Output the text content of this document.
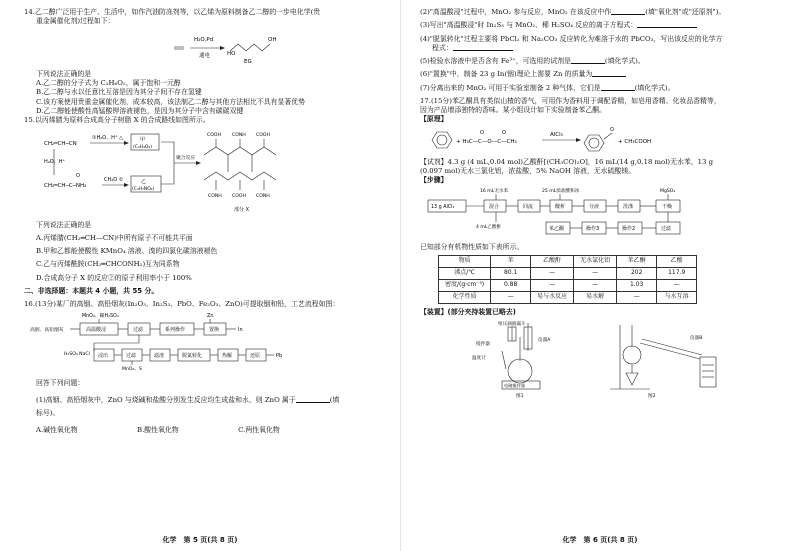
14.乙二醇广泛用于生产、生活中，如作汽油防冻剂等，以乙烯为原料制备乙二醇的一步电化学(贵
重金属催化剂)过程如下：
H₂O,Pd
通电	HO
OH
EG
下列说法正确的是
A.乙二醇的分子式为 C₂H₆O₂，属于饱和一元醇
B.乙二醇与水以任意比互溶是因为其分子间不存在氢键
C.该方案使用贵重金属催化剂，成本较高，该法制乙二醇与其他方法相比不具有显著优势
D.乙二醇能使酸性高锰酸钾溶液褪色，是因为其分子中含有碳碳双键
15.以丙烯腈为原料合成高分子树脂 X 的合成路线如图所示。
CH₂═CH─CN
①H₂O、H⁺ △	甲
(C₃H₄O₂)
H₂O、H⁺
CH₂═CH─C─NH₂
O
CH₂O ①	乙
(C₄H₇NO₂)
聚合反应
COOH CONH COOH
CONH COOH CONH
部分 X
下列说法正确的是
A.丙烯腈(CH₂═CH—CN)中所有原子不可能共平面
B.甲和乙都能使酸性 KMnO₄ 溶液、溴的四氯化碳溶液褪色
C.乙与丙烯酰胺(CH₂═CHCONH₂)互为同系物
D.合成高分子 X 的反应②的原子利用率小于 100%
二、非选择题：本题共 4 小题，共 55 分。
16.(13分)某厂的高铟、高铅烟灰(In₂O₃、In₂S₃、PbO、Fe₂O₃、ZnO)可提取铟和铅，工艺流程如图：
高铟、高铅烟灰
MnO₂、稀H₂SO₄
高温酸浸	过滤	系列操作
Zn
置换	In
H₂SO₄ NaCl 浸出	过滤	滤渣	脱氯转化	热解	还原	Pb
MnO₂、S
回答下列问题：
(1)高铟、高铅烟灰中，ZnO 与烧碱和盐酸分别发生反应均生成盐和水，则 ZnO 属于	(填
标号)。
A.碱性氧化物	B.酸性氧化物	C.两性氧化物
化学　第 5 页(共 8 页)
(2)"高温酸浸"过程中，MnO₂ 参与反应，MnO₂ 在该反应中作	(填"氧化剂"或"还原剂")。
(3)写出"高温酸浸"时 In₂S₃ 与 MnO₂、稀 H₂SO₄ 反应的离子方程式：
(4)"脱氯转化"过程主要将 PbCl₂ 和 Na₂CO₃ 反应转化为难溶于水的 PbCO₃，写出该反应的化学方
程式：
(5)检验水溶液中是否含有 Fe³⁺，可选用的试剂是	(填化学式)。
(6)"置换"中，制备 23 g In(铟)理论上需要 Zn 的质量为
(7)分离出来的 MnO₂ 可用于实验室制备 2 种气体，它们是	(填化学式)。
17.(15分)苯乙酮具有类似山楂的香气，可用作为香料用于调配香精，如皂用香精、化妆品香精等，
因为产品增添独特的香味。某小组设计如下实验制备苯乙酮。
【原理】
+ H₃C—C—O—C—CH₃
O	O	AlCl₃
O
+ CH₃COOH
【试剂】4.3 g (4 mL,0.04 mol)乙酸酐[(CH₃CO)₂O]，16 mL(14 g,0.18 mol)无水苯，13 g
(0.097 mol)无水三氯化铝，浓盐酸，5% NaOH 溶液，无水硫酸镁。
【步骤】
16 mL无水苯	25 mL浓盐酸和冰	MgSO₄
13 g AlCl₃	混合	回流	酸析	分液	洗涤	干燥
4 mL乙酸酐	过滤
操作2
操作3
苯乙酮
已知部分有机物性质如下表所示。
物质	苯	乙酸酐	无水氯化铝	苯乙酮	乙酸
沸点/℃	80.1	—	—	202	117.9
密度/(g·cm⁻³)	0.88	—	—	1.03	—
化学性质	—	易与水反应	易水解	—	与水互溶
【装置】(部分夹持装置已略去)
恒压滴液漏斗
仪器A
搅拌器
温度计
电磁搅拌器
图1
仪器B
图2
化学　第 6 页(共 8 页)
